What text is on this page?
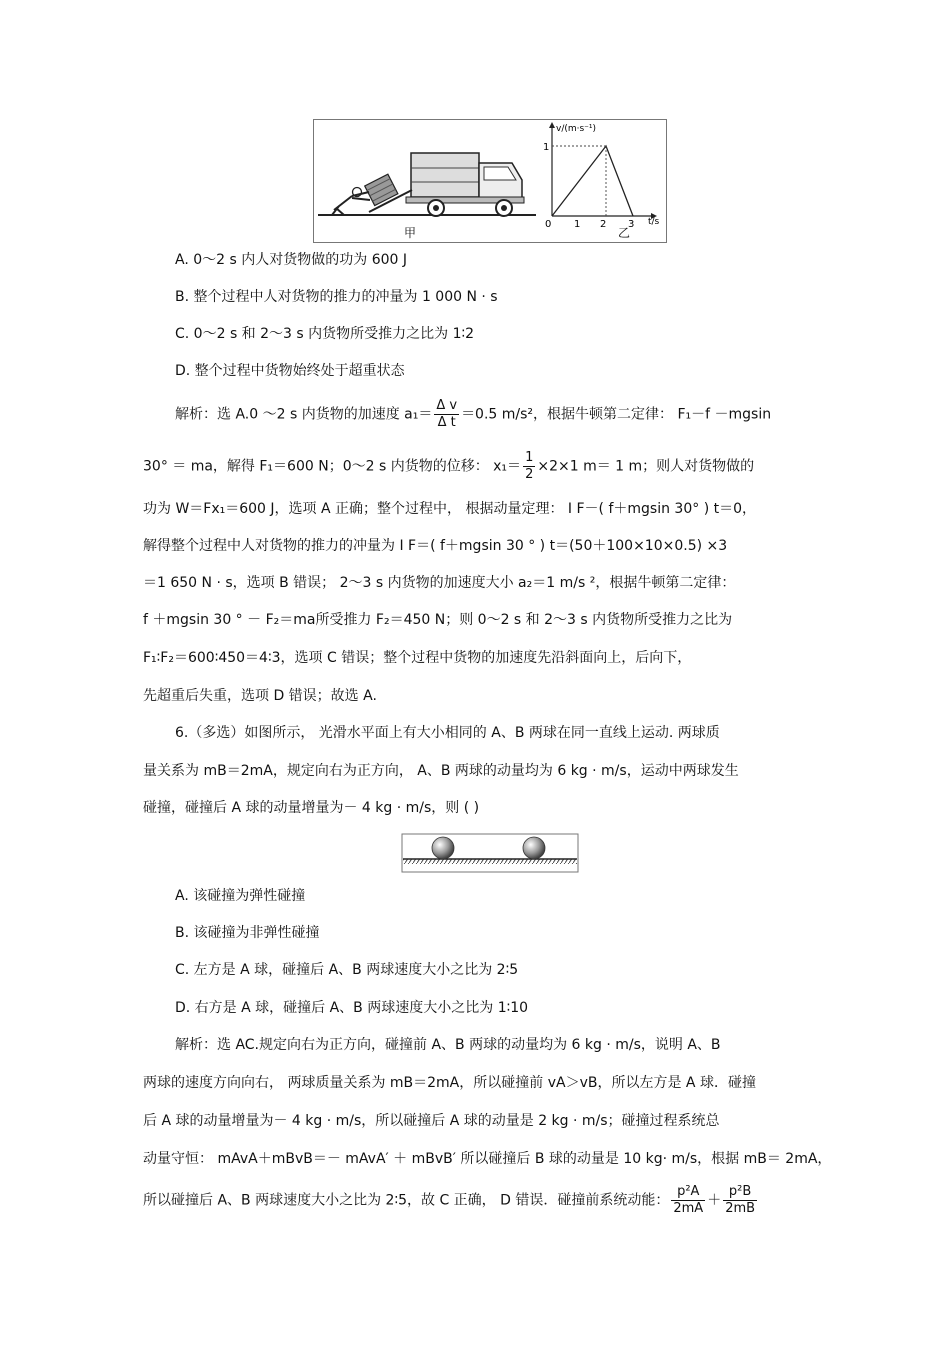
甲
v/(m·s⁻¹)
t/s
1
0 1 2 3
乙
A. 0～2 s 内人对货物做的功为 600 J
B. 整个过程中人对货物的推力的冲量为 1 000 N · s
C. 0～2 s 和 2～3 s 内货物所受推力之比为 1∶2
D. 整个过程中货物始终处于超重状态
解析：选 A.0 ～2 s 内货物的加速度 $a_1= \frac{\text{Δ v}}{\text{Δ t}} =0.5$ m/s²，根据牛顿第二定律： F₁－f －mgsin
30° ＝ ma，解得 F₁＝600 N；0～2 s 内货物的位移： $x_1= \frac{1}{2} \times 2\times 1$ m＝ 1 m；则人对货物做的
功为 W＝Fx₁＝600 J，选项 A 正确；整个过程中， 根据动量定理： I F－( f＋mgsin 30° ) t＝0，
解得整个过程中人对货物的推力的冲量为 I F＝( f＋mgsin 30 ° ) t＝(50＋100×10×0.5) ×3
＝1 650 N · s，选项 B 错误； 2～3 s 内货物的加速度大小 a₂＝1 m/s ²，根据牛顿第二定律：
f ＋mgsin 30 ° － F₂＝ma所受推力 F₂＝450 N；则 0～2 s 和 2～3 s 内货物所受推力之比为
F₁∶F₂＝600∶450＝4∶3，选项 C 错误；整个过程中货物的加速度先沿斜面向上，后向下，
先超重后失重，选项 D 错误；故选 A.
6.（多选）如图所示， 光滑水平面上有大小相同的 A、B 两球在同一直线上运动. 两球质
量关系为 mB＝2mA，规定向右为正方向， A、B 两球的动量均为 6 kg · m/s，运动中两球发生
碰撞，碰撞后 A 球的动量增量为－ 4 kg · m/s，则 ( )
A. 该碰撞为弹性碰撞
B. 该碰撞为非弹性碰撞
C. 左方是 A 球，碰撞后 A、B 两球速度大小之比为 2∶5
D. 右方是 A 球，碰撞后 A、B 两球速度大小之比为 1∶10
解析：选 AC.规定向右为正方向，碰撞前 A、B 两球的动量均为 6 kg · m/s，说明 A、B
两球的速度方向向右， 两球质量关系为 mB＝2mA，所以碰撞前 vA＞vB，所以左方是 A 球．碰撞
后 A 球的动量增量为－ 4 kg · m/s，所以碰撞后 A 球的动量是 2 kg · m/s；碰撞过程系统总
动量守恒： mAvA＋mBvB＝－ mAvA′ ＋ mBvB′ 所以碰撞后 B 球的动量是 10 kg· m/s，根据 mB＝ 2mA，
所以碰撞后 A、B 两球速度大小之比为 2∶5，故 C 正确， D 错误．碰撞前系统动能： $\frac{\text{p²A}}{2mA} + \frac{\text{p²B}}{2mB}$
